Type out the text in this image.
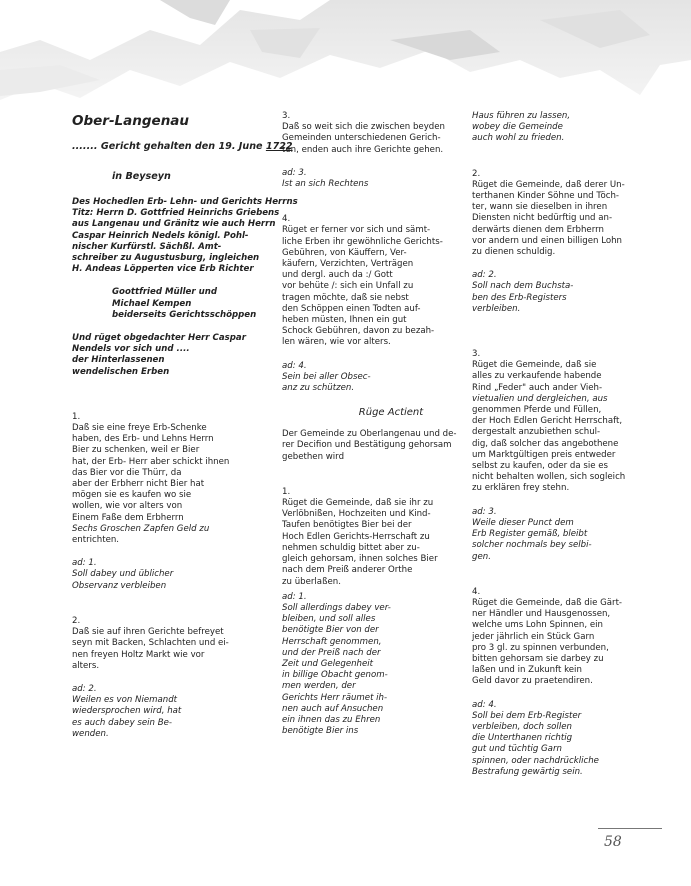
Ober-Langenau
....... Gericht gehalten den 19. June 1722
in Beyseyn
Des Hochedlen Erb- Lehn- und Gerichts Herrns
Titz: Herrn D. Gottfried Heinrichs Griebens
aus Langenau und Gränitz wie auch Herrn
Caspar Heinrich Nedels königl. Pohl-
nischer Kurfürstl. Sächßl. Amt-
schreiber zu Augustusburg, ingleichen
H. Andeas Löpperten vice Erb Richter
Goottfried Müller und
Michael Kempen
beiderseits Gerichtsschöppen
Und rüget obgedachter Herr Caspar
Nendels vor sich und ....
der Hinterlassenen
wendelischen Erben
1.
Daß sie eine freye Erb-Schenke
haben, des Erb- und Lehns Herrn
Bier zu schenken, weil er Bier
hat, der Erb- Herr aber schickt ihnen
das Bier vor die Thürr, da
aber der Erbherr nicht Bier hat
mögen sie es kaufen wo sie
wollen, wie vor alters von
Einem Faße dem Erbherrn
Sechs Groschen Zapfen Geld zu
entrichten.
ad: 1.
Soll dabey und üblicher
Observanz verbleiben
2.
Daß sie auf ihren Gerichte befreyet
seyn mit Backen, Schlachten und ei-
nen freyen Holtz Markt wie vor
alters.
ad: 2.
Weilen es von Niemandt
wiedersprochen wird, hat
es auch dabey sein Be-
wenden.
3.
Daß so weit sich die zwischen beyden
Gemeinden unterschiedenen Gerich-
ten, enden auch ihre Gerichte gehen.
ad: 3.
Ist an sich Rechtens
4.
Rüget er ferner vor sich und sämt-
liche Erben ihr gewöhnliche Gerichts-
Gebühren, von Käuffern, Ver-
käufern, Verzichten, Verträgen
und dergl. auch da :/ Gott
vor behüte /: sich ein Unfall zu
tragen möchte, daß sie nebst
den Schöppen einen Todten auf-
heben müsten, Ihnen ein gut
Schock Gebühren, davon zu bezah-
len wären, wie vor alters.
ad: 4.
Sein bei aller Obsec-
anz zu schützen.
Rüge Actient
Der Gemeinde zu Oberlangenau und de-
rer Decifion und Bestätigung gehorsam
gebethen wird
1.
Rüget die Gemeinde, daß sie ihr zu
Verlöbnißen, Hochzeiten und Kind-
Taufen benötigtes Bier bei der
Hoch Edlen Gerichts-Herrschaft zu
nehmen schuldig bittet aber zu-
gleich gehorsam, ihnen solches Bier
nach dem Preiß anderer Orthe
zu überlaßen.
ad: 1.
Soll allerdings dabey ver-
bleiben, und soll alles
benötigte Bier von der
Herrschaft genommen,
und der Preiß nach der
Zeit und Gelegenheit
in billige Obacht genom-
men werden, der
Gerichts Herr räumet ih-
nen auch auf Ansuchen
ein ihnen das zu Ehren
benötigte Bier ins
Haus führen zu lassen,
wobey die Gemeinde
auch wohl zu frieden.
2.
Rüget die Gemeinde, daß derer Un-
terthanen Kinder Söhne und Töch-
ter, wann sie dieselben in ihren
Diensten nicht bedürftig und an-
derwärts dienen dem Erbherrn
vor andern und einen billigen Lohn
zu dienen schuldig.
ad: 2.
Soll nach dem Buchsta-
ben des Erb-Registers
verbleiben.
3.
Rüget die Gemeinde, daß sie
alles zu verkaufende habende
Rind „Feder" auch ander Vieh-
vietualien und dergleichen, aus
genommen Pferde und Füllen,
der Hoch Edlen Gericht Herrschaft,
dergestalt anzubiethen schul-
dig, daß solcher das angebothene
um Marktgültigen preis entweder
selbst zu kaufen, oder da sie es
nicht behalten wollen, sich sogleich
zu erklären frey stehn.
ad: 3.
Weile dieser Punct dem
Erb Register gemäß, bleibt
solcher nochmals bey selbi-
gen.
4.
Rüget die Gemeinde, daß die Gärt-
ner Händler und Hausgenossen,
welche ums Lohn Spinnen, ein
jeder jährlich ein Stück Garn
pro 3 gl. zu spinnen verbunden,
bitten gehorsam sie darbey zu
laßen und in Zukunft kein
Geld davor zu praetendiren.
ad: 4.
Soll bei dem Erb-Register
verbleiben, doch sollen
die Unterthanen richtig
gut und tüchtig Garn
spinnen, oder nachdrückliche
Bestrafung gewärtig sein.
58
